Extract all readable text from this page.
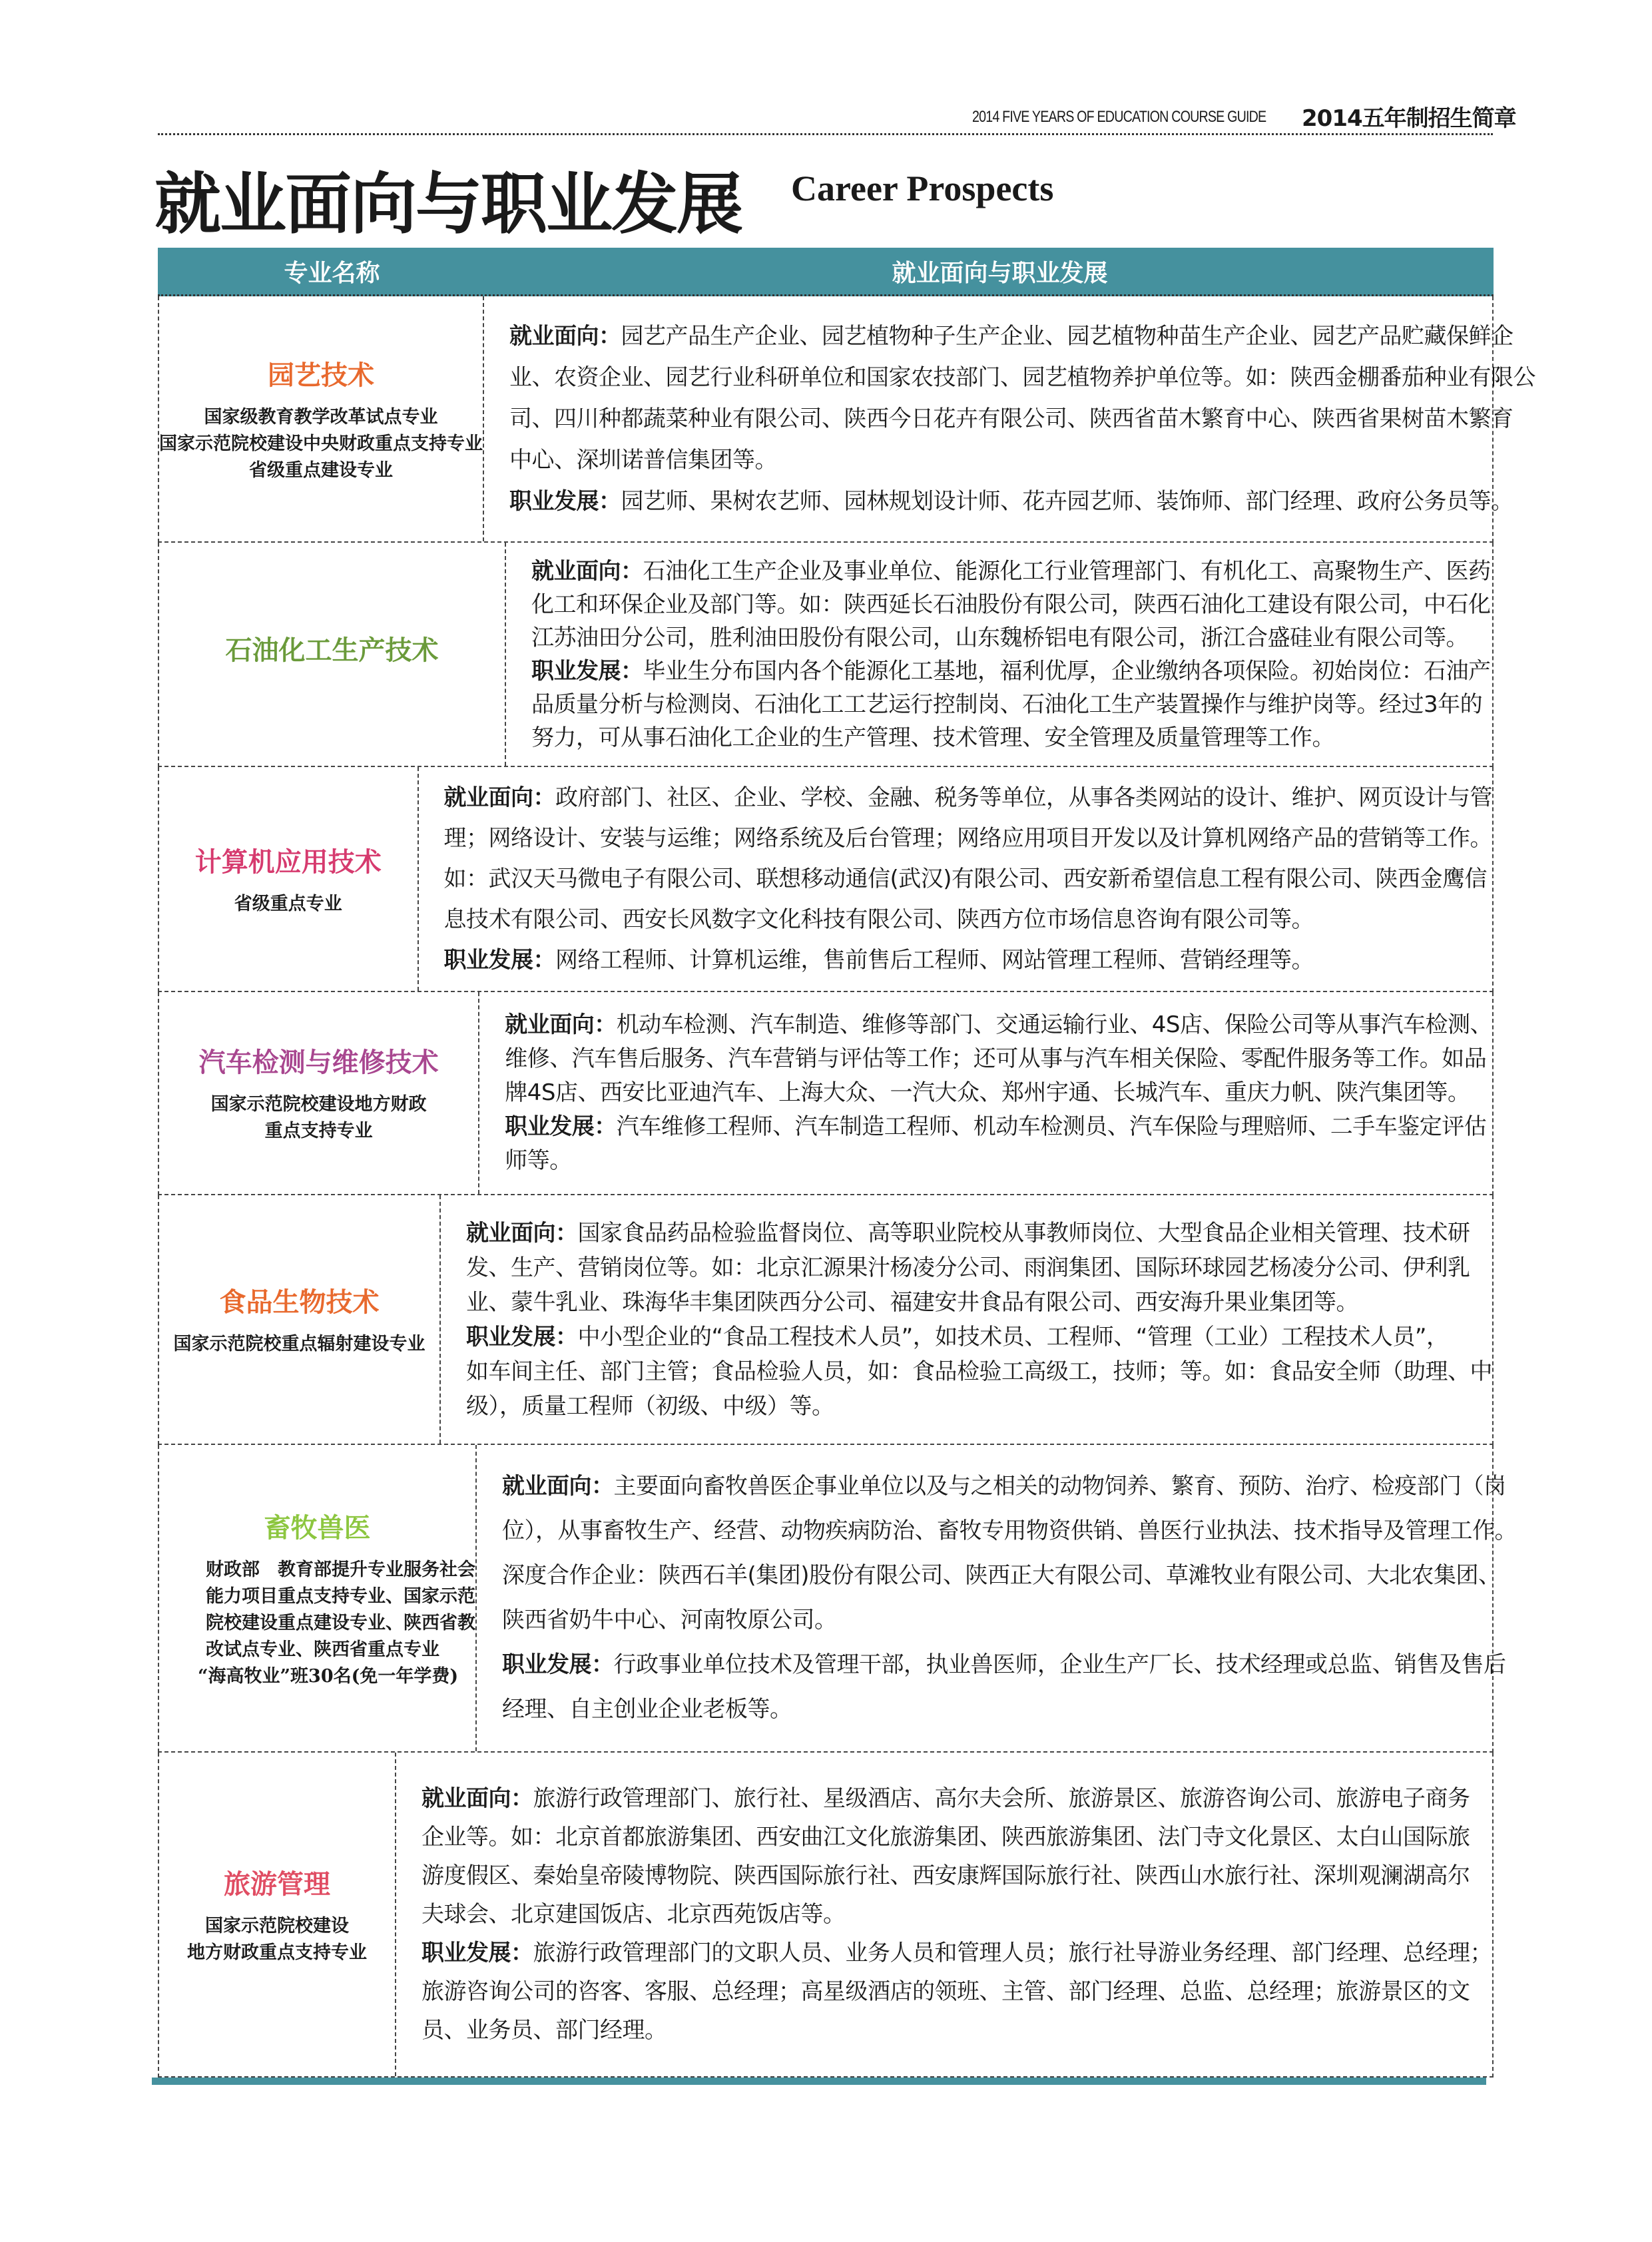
2014 FIVE YEARS OF EDUCATION COURSE GUIDE 2014五年制招生简章
就业面向与职业发展 Career Prospects
专业名称	就业面向与职业发展
园艺技术
国家级教育教学改革试点专业
国家示范院校建设中央财政重点支持专业
省级重点建设专业
就业面向：园艺产品生产企业、园艺植物种子生产企业、园艺植物种苗生产企业、园艺产品贮藏保鲜企
业、农资企业、园艺行业科研单位和国家农技部门、园艺植物养护单位等。如：陕西金棚番茄种业有限公
司、四川种都蔬菜种业有限公司、陕西今日花卉有限公司、陕西省苗木繁育中心、陕西省果树苗木繁育
中心、深圳诺普信集团等。
职业发展：园艺师、果树农艺师、园林规划设计师、花卉园艺师、装饰师、部门经理、政府公务员等。
石油化工生产技术
就业面向：石油化工生产企业及事业单位、能源化工行业管理部门、有机化工、高聚物生产、医药
化工和环保企业及部门等。如：陕西延长石油股份有限公司，陕西石油化工建设有限公司，中石化
江苏油田分公司，胜利油田股份有限公司，山东魏桥铝电有限公司，浙江合盛硅业有限公司等。
职业发展：毕业生分布国内各个能源化工基地，福利优厚，企业缴纳各项保险。初始岗位：石油产
品质量分析与检测岗、石油化工工艺运行控制岗、石油化工生产装置操作与维护岗等。经过3年的
努力，可从事石油化工企业的生产管理、技术管理、安全管理及质量管理等工作。
计算机应用技术
省级重点专业
就业面向：政府部门、社区、企业、学校、金融、税务等单位，从事各类网站的设计、维护、网页设计与管
理；网络设计、安装与运维；网络系统及后台管理；网络应用项目开发以及计算机网络产品的营销等工作。
如：武汉天马微电子有限公司、联想移动通信(武汉)有限公司、西安新希望信息工程有限公司、陕西金鹰信
息技术有限公司、西安长风数字文化科技有限公司、陕西方位市场信息咨询有限公司等。
职业发展：网络工程师、计算机运维，售前售后工程师、网站管理工程师、营销经理等。
汽车检测与维修技术
国家示范院校建设地方财政
重点支持专业
就业面向：机动车检测、汽车制造、维修等部门、交通运输行业、4S店、保险公司等从事汽车检测、
维修、汽车售后服务、汽车营销与评估等工作；还可从事与汽车相关保险、零配件服务等工作。如品
牌4S店、西安比亚迪汽车、上海大众、一汽大众、郑州宇通、长城汽车、重庆力帆、陕汽集团等。
职业发展：汽车维修工程师、汽车制造工程师、机动车检测员、汽车保险与理赔师、二手车鉴定评估
师等。
食品生物技术
国家示范院校重点辐射建设专业
就业面向：国家食品药品检验监督岗位、高等职业院校从事教师岗位、大型食品企业相关管理、技术研
发、生产、营销岗位等。如：北京汇源果汁杨凌分公司、雨润集团、国际环球园艺杨凌分公司、伊利乳
业、蒙牛乳业、珠海华丰集团陕西分公司、福建安井食品有限公司、西安海升果业集团等。
职业发展：中小型企业的“食品工程技术人员”，如技术员、工程师、“管理（工业）工程技术人员”，
如车间主任、部门主管；食品检验人员，如：食品检验工高级工，技师；等。如：食品安全师（助理、中
级），质量工程师（初级、中级）等。
畜牧兽医
财政部　教育部提升专业服务社会
能力项目重点支持专业、国家示范
院校建设重点建设专业、陕西省教
改试点专业、陕西省重点专业
“海高牧业”班30名(免一年学费)
就业面向：主要面向畜牧兽医企事业单位以及与之相关的动物饲养、繁育、预防、治疗、检疫部门（岗
位），从事畜牧生产、经营、动物疾病防治、畜牧专用物资供销、兽医行业执法、技术指导及管理工作。
深度合作企业：陕西石羊(集团)股份有限公司、陕西正大有限公司、草滩牧业有限公司、大北农集团、
陕西省奶牛中心、河南牧原公司。
职业发展：行政事业单位技术及管理干部，执业兽医师，企业生产厂长、技术经理或总监、销售及售后
经理、自主创业企业老板等。
旅游管理
国家示范院校建设
地方财政重点支持专业
就业面向：旅游行政管理部门、旅行社、星级酒店、高尔夫会所、旅游景区、旅游咨询公司、旅游电子商务
企业等。如：北京首都旅游集团、西安曲江文化旅游集团、陕西旅游集团、法门寺文化景区、太白山国际旅
游度假区、秦始皇帝陵博物院、陕西国际旅行社、西安康辉国际旅行社、陕西山水旅行社、深圳观澜湖高尔
夫球会、北京建国饭店、北京西苑饭店等。
职业发展：旅游行政管理部门的文职人员、业务人员和管理人员；旅行社导游业务经理、部门经理、总经理；
旅游咨询公司的咨客、客服、总经理；高星级酒店的领班、主管、部门经理、总监、总经理；旅游景区的文
员、业务员、部门经理。
